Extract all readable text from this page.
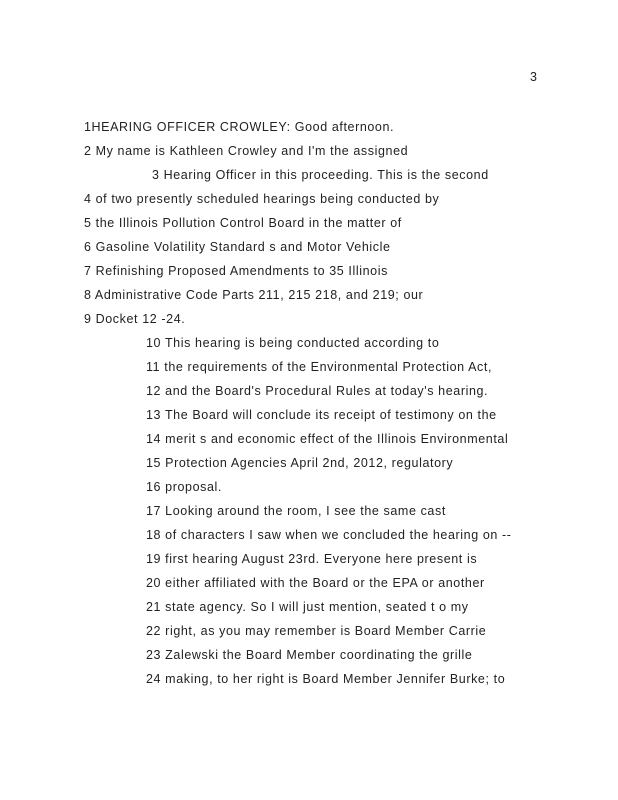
3
1HEARING OFFICER CROWLEY: Good afternoon.
2 My name is Kathleen Crowley and I'm the assigned
3 Hearing Officer in this proceeding. This is the second
4 of two presently scheduled hearings being conducted by
5 the Illinois Pollution Control Board in the matter of
6 Gasoline Volatility Standard s and Motor Vehicle
7 Refinishing Proposed Amendments to 35 Illinois
8 Administrative Code Parts 211, 215 218, and 219; our
9 Docket 12 -24.
10 This hearing is being conducted according to
11 the requirements of the Environmental Protection Act,
12 and the Board's Procedural Rules at today's hearing.
13 The Board will conclude its receipt of testimony on the
14 merit s and economic effect of the Illinois Environmental
15 Protection Agencies April 2nd, 2012, regulatory
16 proposal.
17 Looking around the room, I see the same cast
18 of characters I saw when we concluded the hearing on --
19 first hearing August 23rd. Everyone here present is
20 either affiliated with the Board or the EPA or another
21 state agency. So I will just mention, seated t o my
22 right, as you may remember is Board Member Carrie
23 Zalewski the Board Member coordinating the grille
24 making, to her right is Board Member Jennifer Burke; to
